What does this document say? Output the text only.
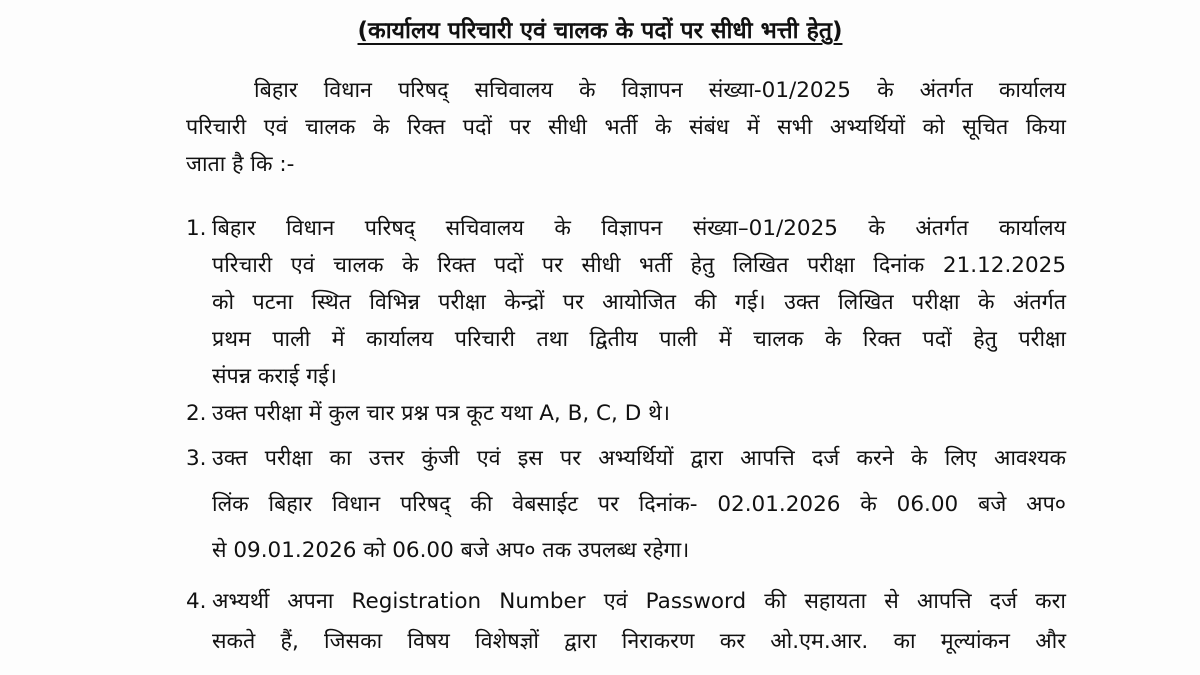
(कार्यालय परिचारी एवं चालक के पदों पर सीधी भत्ती हेतु)
बिहार विधान परिषद् सचिवालय के विज्ञापन संख्या-01/2025 के अंतर्गत कार्यालय
परिचारी एवं चालक के रिक्त पदों पर सीधी भर्ती के संबंध में सभी अभ्यर्थियों को सूचित किया
जाता है कि :-
1. बिहार विधान परिषद् सचिवालय के विज्ञापन संख्या–01/2025 के अंतर्गत कार्यालय
परिचारी एवं चालक के रिक्त पदों पर सीधी भर्ती हेतु लिखित परीक्षा दिनांक 21.12.2025
को पटना स्थित विभिन्न परीक्षा केन्द्रों पर आयोजित की गई। उक्त लिखित परीक्षा के अंतर्गत
प्रथम पाली में कार्यालय परिचारी तथा द्वितीय पाली में चालक के रिक्त पदों हेतु परीक्षा
संपन्न कराई गई।
2. उक्त परीक्षा में कुल चार प्रश्न पत्र कूट यथा A, B, C, D थे।
3. उक्त परीक्षा का उत्तर कुंजी एवं इस पर अभ्यर्थियों द्वारा आपत्ति दर्ज करने के लिए आवश्यक
लिंक बिहार विधान परिषद् की वेबसाईट पर दिनांक- 02.01.2026 के 06.00 बजे अप०
से 09.01.2026 को 06.00 बजे अप० तक उपलब्ध रहेगा।
4. अभ्यर्थी अपना Registration Number एवं Password की सहायता से आपत्ति दर्ज करा
सकते हैं, जिसका विषय विशेषज्ञों द्वारा निराकरण कर ओ.एम.आर. का मूल्यांकन और
